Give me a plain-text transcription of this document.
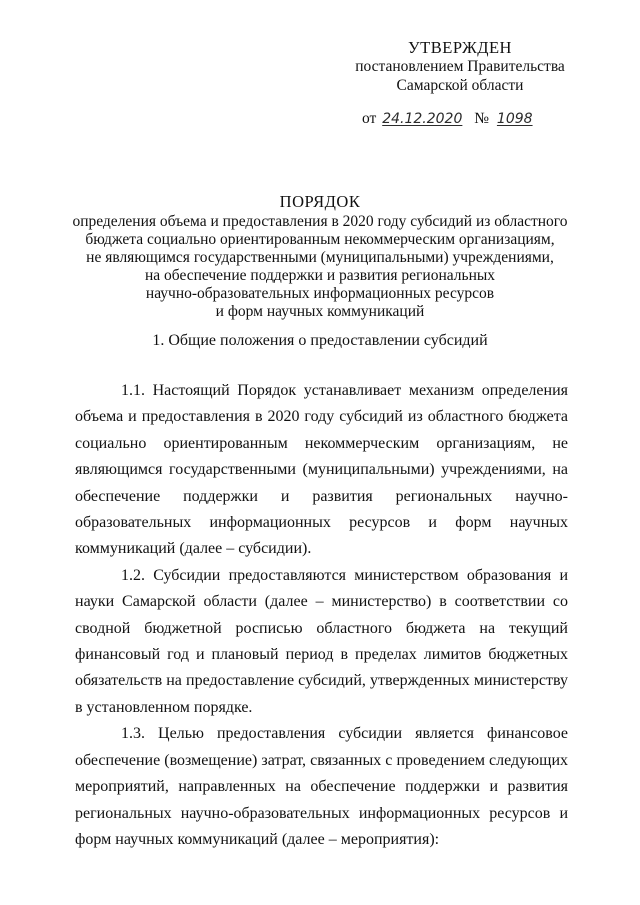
УТВЕРЖДЕН
постановлением Правительства
Самарской области
от 24.12.2020 № 1098
ПОРЯДОК
определения объема и предоставления в 2020 году субсидий из областного
бюджета социально ориентированным некоммерческим организациям,
не являющимся государственными (муниципальными) учреждениями,
на обеспечение поддержки и развития региональных
научно-образовательных информационных ресурсов
и форм научных коммуникаций
1. Общие положения о предоставлении субсидий

1.1. Настоящий Порядок устанавливает механизм определения объема и предоставления в 2020 году субсидий из областного бюджета социально ориентированным некоммерческим организациям, не являющимся государственными (муниципальными) учреждениями, на обеспечение поддержки и развития региональных научно-образовательных информационных ресурсов и форм научных коммуникаций (далее – субсидии).

1.2. Субсидии предоставляются министерством образования и науки Самарской области (далее – министерство) в соответствии со сводной бюджетной росписью областного бюджета на текущий финансовый год и плановый период в пределах лимитов бюджетных обязательств на предоставление субсидий, утвержденных министерству в установленном порядке.

1.3. Целью предоставления субсидии является финансовое обеспечение (возмещение) затрат, связанных с проведением следующих мероприятий, направленных на обеспечение поддержки и развития региональных научно-образовательных информационных ресурсов и форм научных коммуникаций (далее – мероприятия):
